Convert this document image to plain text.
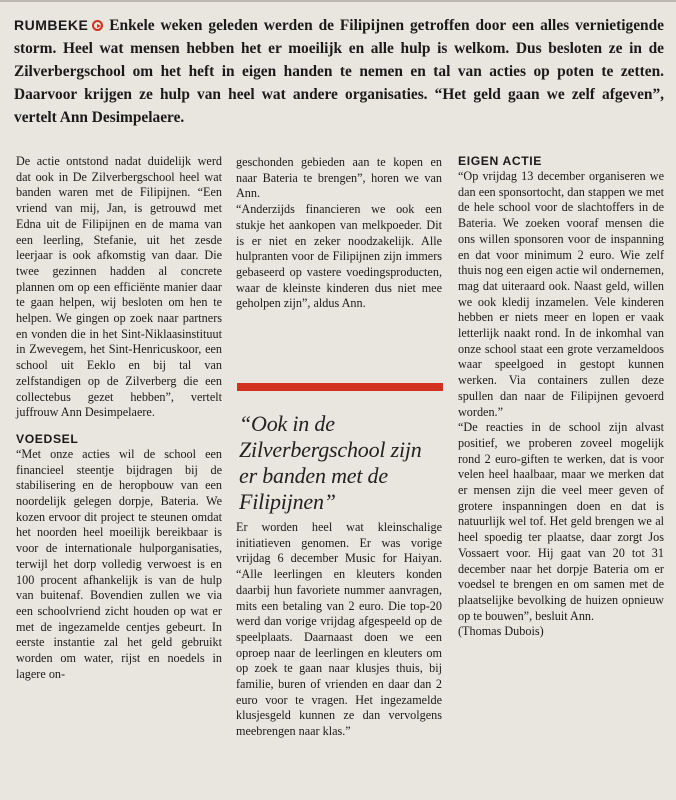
RUMBEKE Enkele weken geleden werden de Filipijnen getroffen door een alles vernietigende storm. Heel wat mensen hebben het er moeilijk en alle hulp is welkom. Dus besloten ze in de Zilverbergschool om het heft in eigen handen te nemen en tal van acties op poten te zetten. Daarvoor krijgen ze hulp van heel wat andere organisaties. “Het geld gaan we zelf afgeven”, vertelt Ann Desimpelaere.

De actie ontstond nadat duidelijk werd dat ook in De Zilverbergschool heel wat banden waren met de Filipijnen. “Een vriend van mij, Jan, is getrouwd met Edna uit de Filipijnen en de mama van een leerling, Stefanie, uit het zesde leerjaar is ook afkomstig van daar. Die twee gezinnen hadden al concrete plannen om op een efficiënte manier daar te gaan helpen, wij besloten om hen te helpen. We gingen op zoek naar partners en vonden die in het Sint-Niklaasinstituut in Zwevegem, het Sint-Henricuskoor, een school uit Eeklo en bij tal van zelfstandigen op de Zilverberg die een collectebus gezet hebben”, vertelt juffrouw Ann Desimpelaere.

VOEDSEL

“Met onze acties wil de school een financieel steentje bijdragen bij de stabilisering en de heropbouw van een noordelijk gelegen dorpje, Bateria. We kozen ervoor dit project te steunen omdat het noorden heel moeilijk bereikbaar is voor de internationale hulporganisaties, terwijl het dorp volledig verwoest is en 100 procent afhankelijk is van de hulp van buitenaf. Bovendien zullen we via een schoolvriend zicht houden op wat er met de ingezamelde centjes gebeurt. In eerste instantie zal het geld gebruikt worden om water, rijst en noedels in lagere on-

geschonden gebieden aan te kopen en naar Bateria te brengen”, horen we van Ann.

“Anderzijds financieren we ook een stukje het aankopen van melkpoeder. Dit is er niet en zeker noodzakelijk. Alle hulpranten voor de Filipijnen zijn immers gebaseerd op vastere voedingsproducten, waar de kleinste kinderen dus niet mee geholpen zijn”, aldus Ann.

“Ook in de Zilverbergschool zijn er banden met de Filipijnen”

Er worden heel wat kleinschalige initiatieven genomen. Er was vorige vrijdag 6 december Music for Haiyan. “Alle leerlingen en kleuters konden daarbij hun favoriete nummer aanvragen, mits een betaling van 2 euro. Die top-20 werd dan vorige vrijdag afgespeeld op de speelplaats. Daarnaast doen we een oproep naar de leerlingen en kleuters om op zoek te gaan naar klusjes thuis, bij familie, buren of vrienden en daar dan 2 euro voor te vragen. Het ingezamelde klusjesgeld kunnen ze dan vervolgens meebrengen naar klas.”

EIGEN ACTIE

“Op vrijdag 13 december organiseren we dan een sponsortocht, dan stappen we met de hele school voor de slachtoffers in de Bateria. We zoeken vooraf mensen die ons willen sponsoren voor de inspanning en dat voor minimum 2 euro. Wie zelf thuis nog een eigen actie wil ondernemen, mag dat uiteraard ook. Naast geld, willen we ook kledij inzamelen. Vele kinderen hebben er niets meer en lopen er vaak letterlijk naakt rond. In de inkomhal van onze school staat een grote verzameldoos waar speelgoed in gestopt kunnen werken. Via containers zullen deze spullen dan naar de Filipijnen gevoerd worden.”

“De reacties in de school zijn alvast positief, we proberen zoveel mogelijk rond 2 euro-giften te werken, dat is voor velen heel haalbaar, maar we merken dat er mensen zijn die veel meer geven of grotere inspanningen doen en dat is natuurlijk wel tof. Het geld brengen we al heel spoedig ter plaatse, daar zorgt Jos Vossaert voor. Hij gaat van 20 tot 31 december naar het dorpje Bateria om er voedsel te brengen en om samen met de plaatselijke bevolking de huizen opnieuw op te bouwen”, besluit Ann.

(Thomas Dubois)
